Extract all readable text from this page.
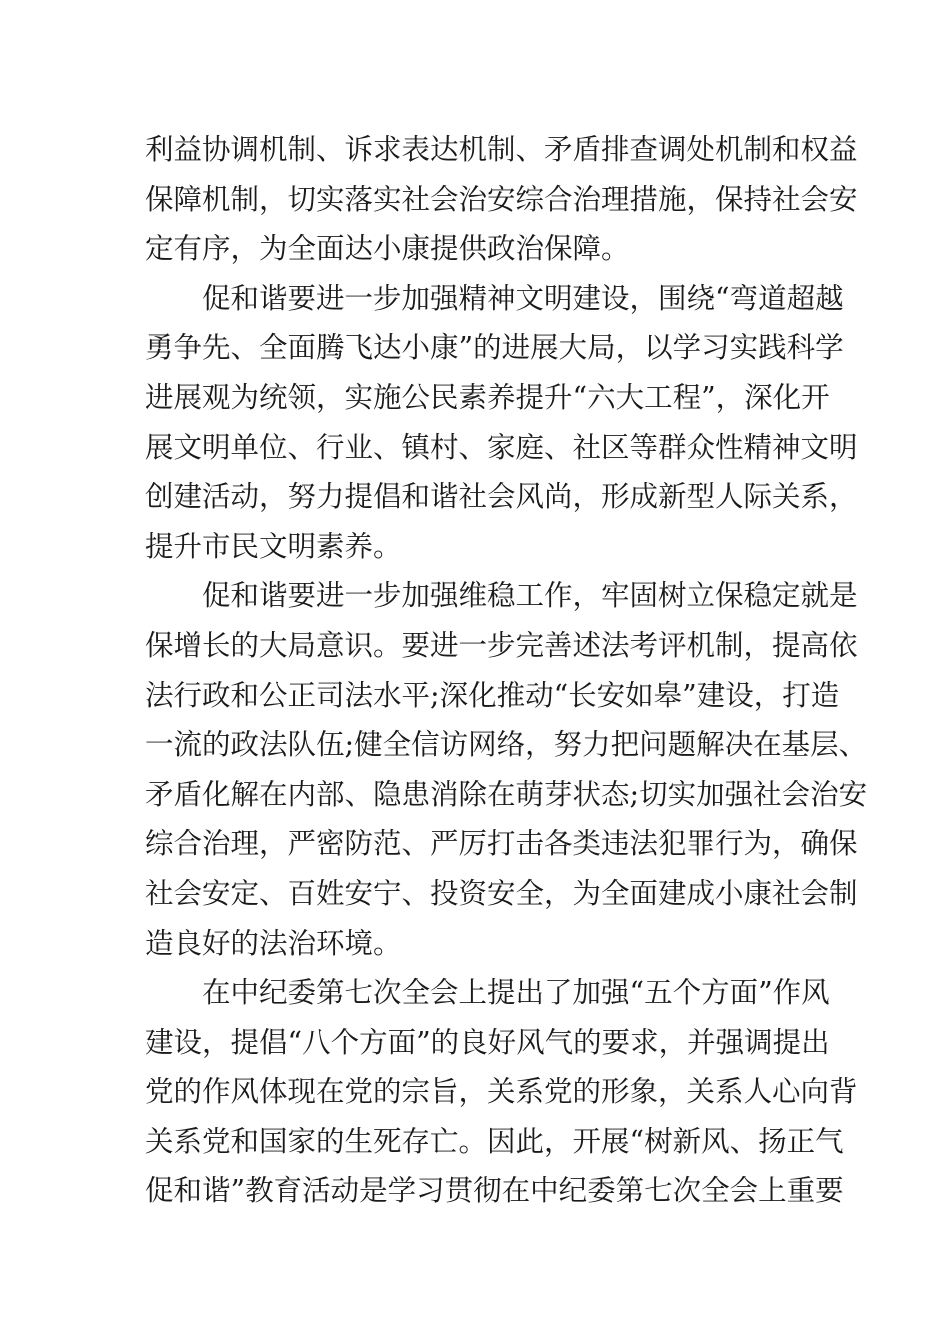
利益协调机制、诉求表达机制、矛盾排查调处机制和权益
保障机制，切实落实社会治安综合治理措施，保持社会安
定有序，为全面达小康提供政治保障。
促和谐要进一步加强精神文明建设，围绕“弯道超越
勇争先、全面腾飞达小康”的进展大局，以学习实践科学
进展观为统领，实施公民素养提升“六大工程”，深化开
展文明单位、行业、镇村、家庭、社区等群众性精神文明
创建活动，努力提倡和谐社会风尚，形成新型人际关系，
提升市民文明素养。
促和谐要进一步加强维稳工作，牢固树立保稳定就是
保增长的大局意识。要进一步完善述法考评机制，提高依
法行政和公正司法水平;深化推动“长安如皋”建设，打造
一流的政法队伍;健全信访网络，努力把问题解决在基层、
矛盾化解在内部、隐患消除在萌芽状态;切实加强社会治安
综合治理，严密防范、严厉打击各类违法犯罪行为，确保
社会安定、百姓安宁、投资安全，为全面建成小康社会制
造良好的法治环境。
在中纪委第七次全会上提出了加强“五个方面”作风
建设，提倡“八个方面”的良好风气的要求，并强调提出
党的作风体现在党的宗旨，关系党的形象，关系人心向背
关系党和国家的生死存亡。因此，开展“树新风、扬正气
促和谐”教育活动是学习贯彻在中纪委第七次全会上重要
